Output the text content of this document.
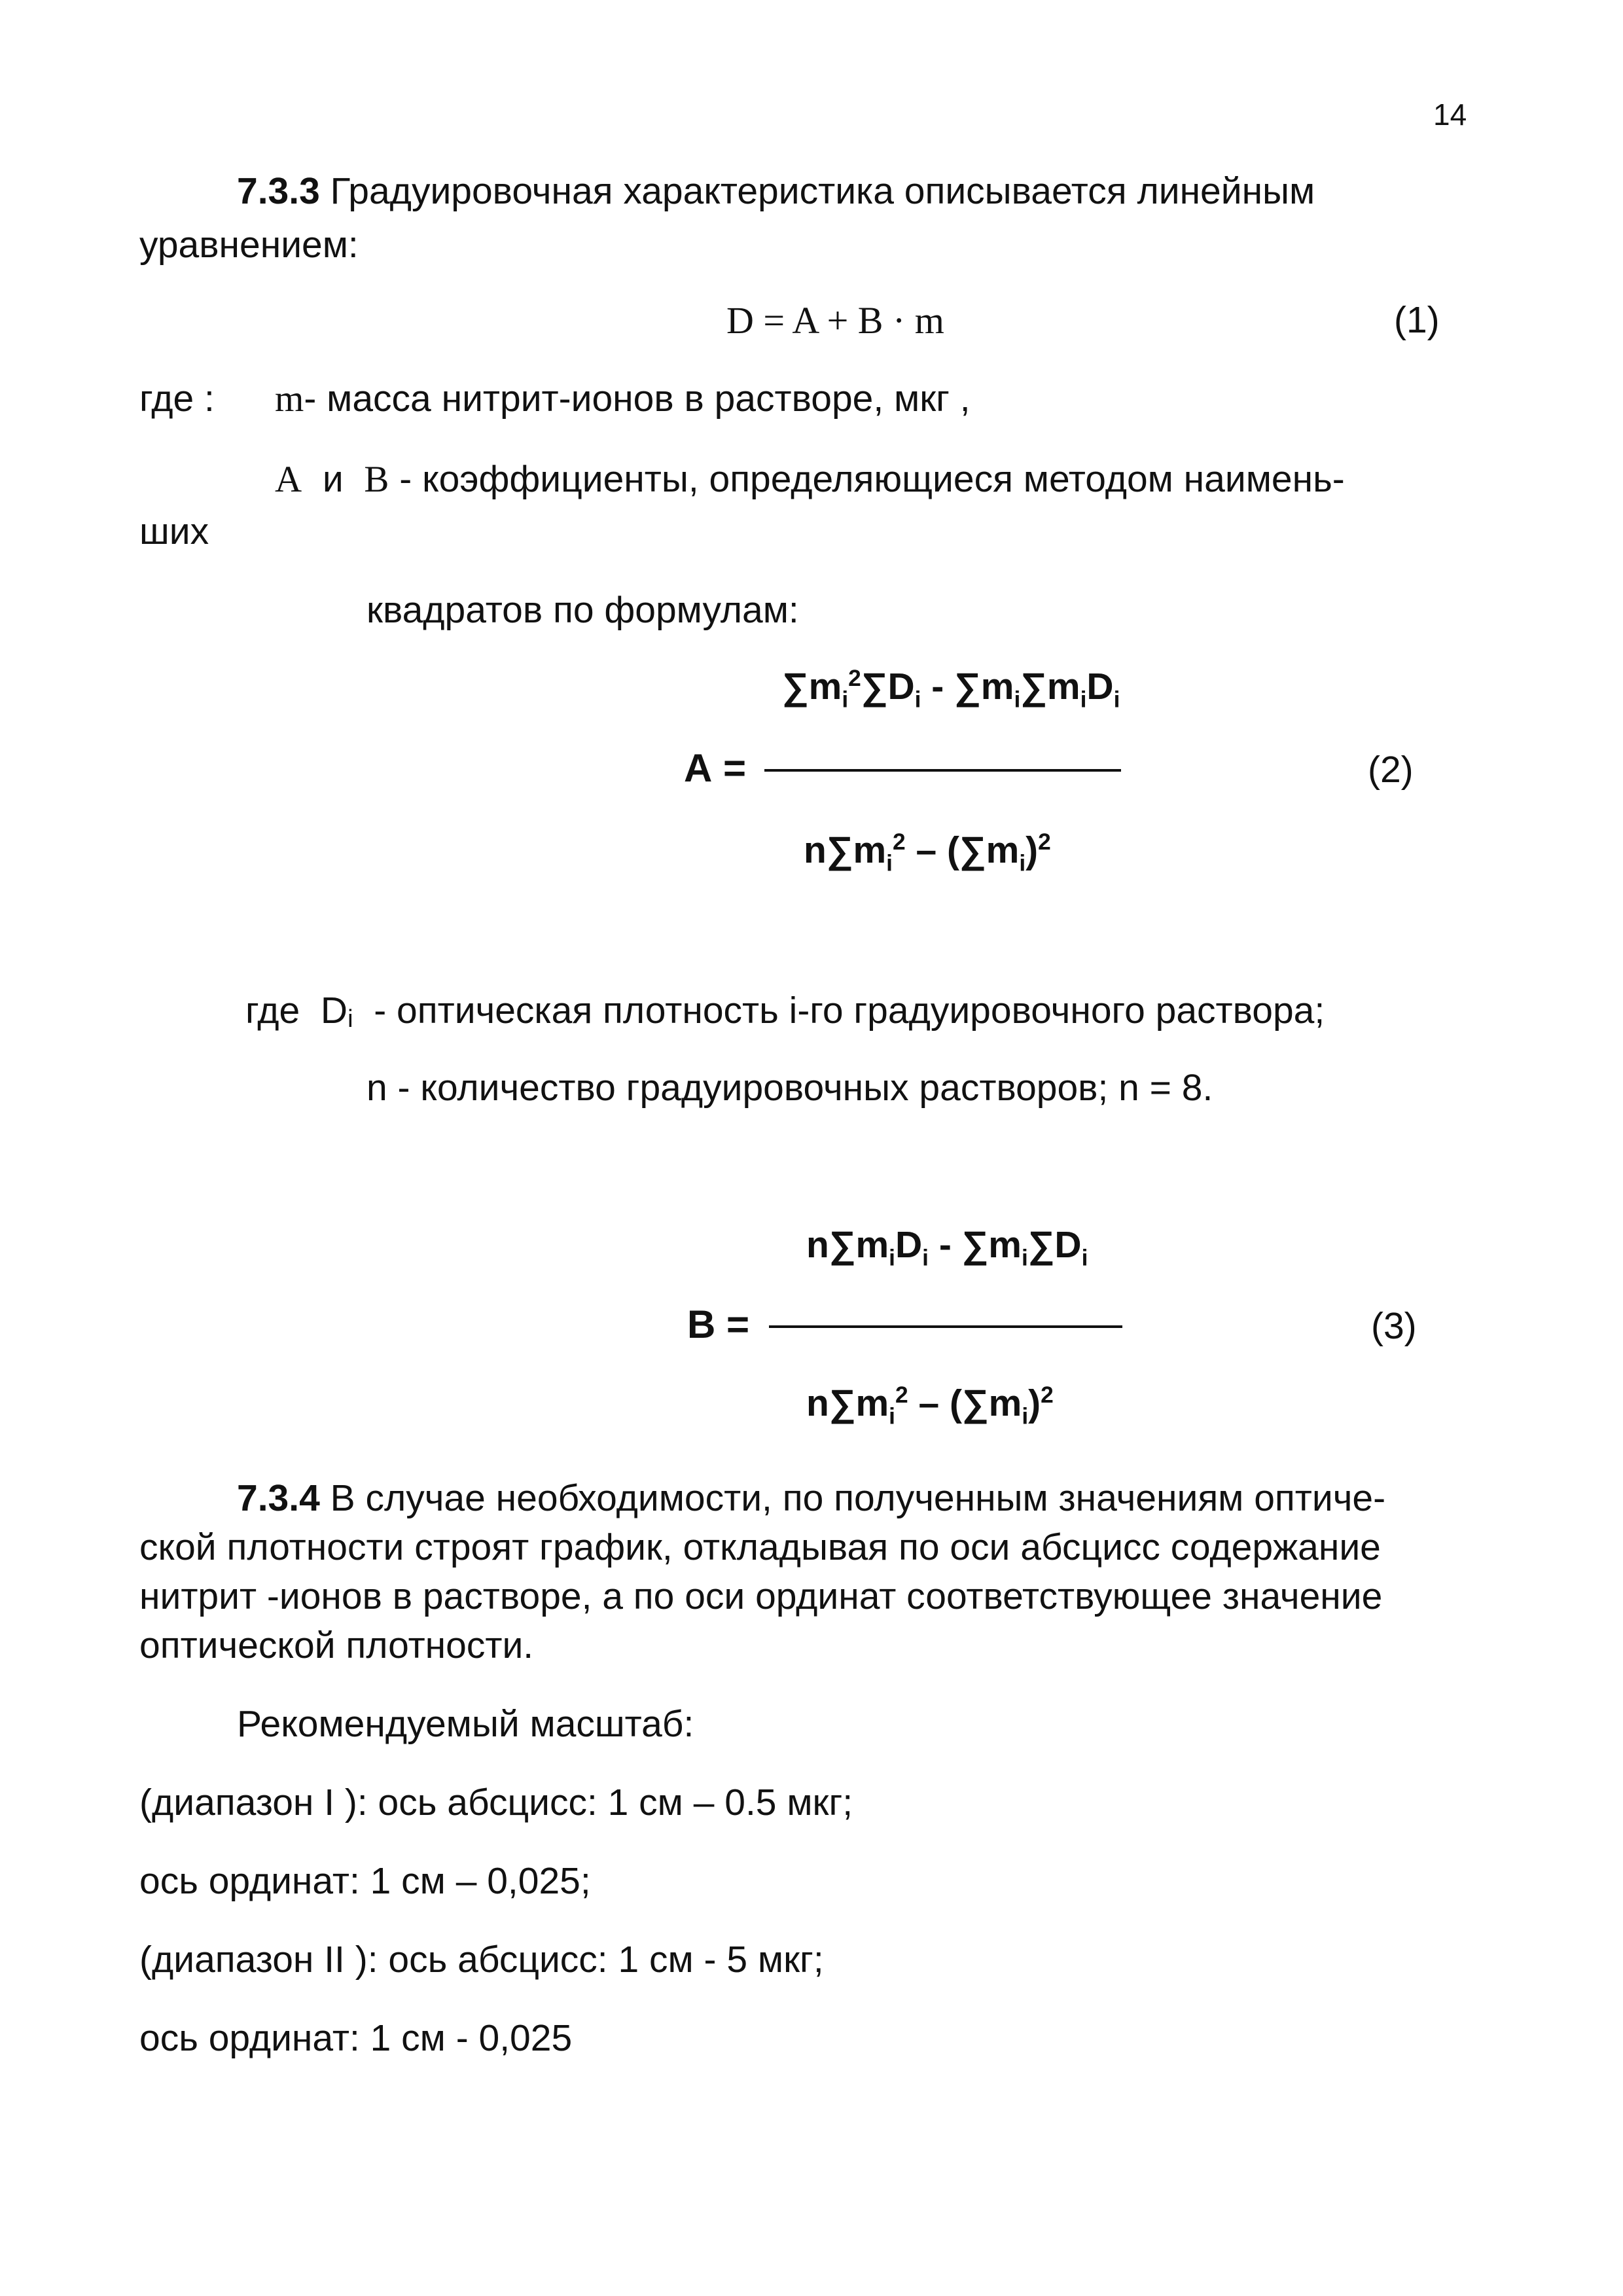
14
7.3.3 Градуировочная характеристика описывается линейным
уравнением:
D = A + B · m	(1)
где : m- масса нитрит-ионов в растворе, мкг ,
A и B - коэффициенты, определяющиеся методом наимень-
ших
квадратов по формулам:
$\sum m_i^2\sum D_i - \sum m_i\sum m_iD_i$
A =	(2)
$n\sum m_i^2 - (\sum m_i)^2$
где Di - оптическая плотность i-го градуировочного раствора;
n - количество градуировочных растворов; n = 8.
$n\sum m_iD_i - \sum m_i\sum D_i$
B =	(3)
$n\sum m_i^2 - (\sum m_i)^2$
7.3.4 В случае необходимости, по полученным значениям оптиче-
ской плотности строят график, откладывая по оси абсцисс содержание
нитрит -ионов в растворе, а по оси ординат соответствующее значение
оптической плотности.
Рекомендуемый масштаб:
(диапазон I ): ось абсцисс: 1 см – 0.5 мкг;
ось ординат: 1 см – 0,025;
(диапазон II ): ось абсцисс: 1 см - 5 мкг;
ось ординат: 1 см - 0,025
